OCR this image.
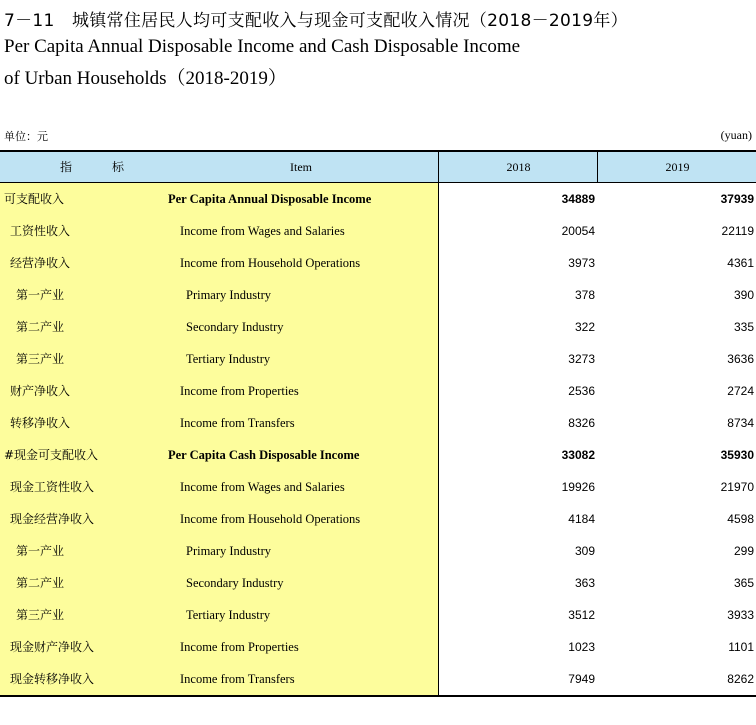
7－11　城镇常住居民人均可支配收入与现金可支配收入情况（2018－2019年）
Per Capita Annual Disposable Income and Cash Disposable Income
of Urban Households（2018-2019）
单位：元	(yuan)
指　标	Item	2018	2019
可支配收入	Per Capita Annual Disposable Income	34889	37939
工资性收入	Income from Wages and Salaries	20054	22119
经营净收入	Income from Household Operations	3973	4361
第一产业	Primary Industry	378	390
第二产业	Secondary Industry	322	335
第三产业	Tertiary Industry	3273	3636
财产净收入	Income from Properties	2536	2724
转移净收入	Income from Transfers	8326	8734
#现金可支配收入	Per Capita Cash Disposable Income	33082	35930
现金工资性收入	Income from Wages and Salaries	19926	21970
现金经营净收入	Income from Household Operations	4184	4598
第一产业	Primary Industry	309	299
第二产业	Secondary Industry	363	365
第三产业	Tertiary Industry	3512	3933
现金财产净收入	Income from Properties	1023	1101
现金转移净收入	Income from Transfers	7949	8262
